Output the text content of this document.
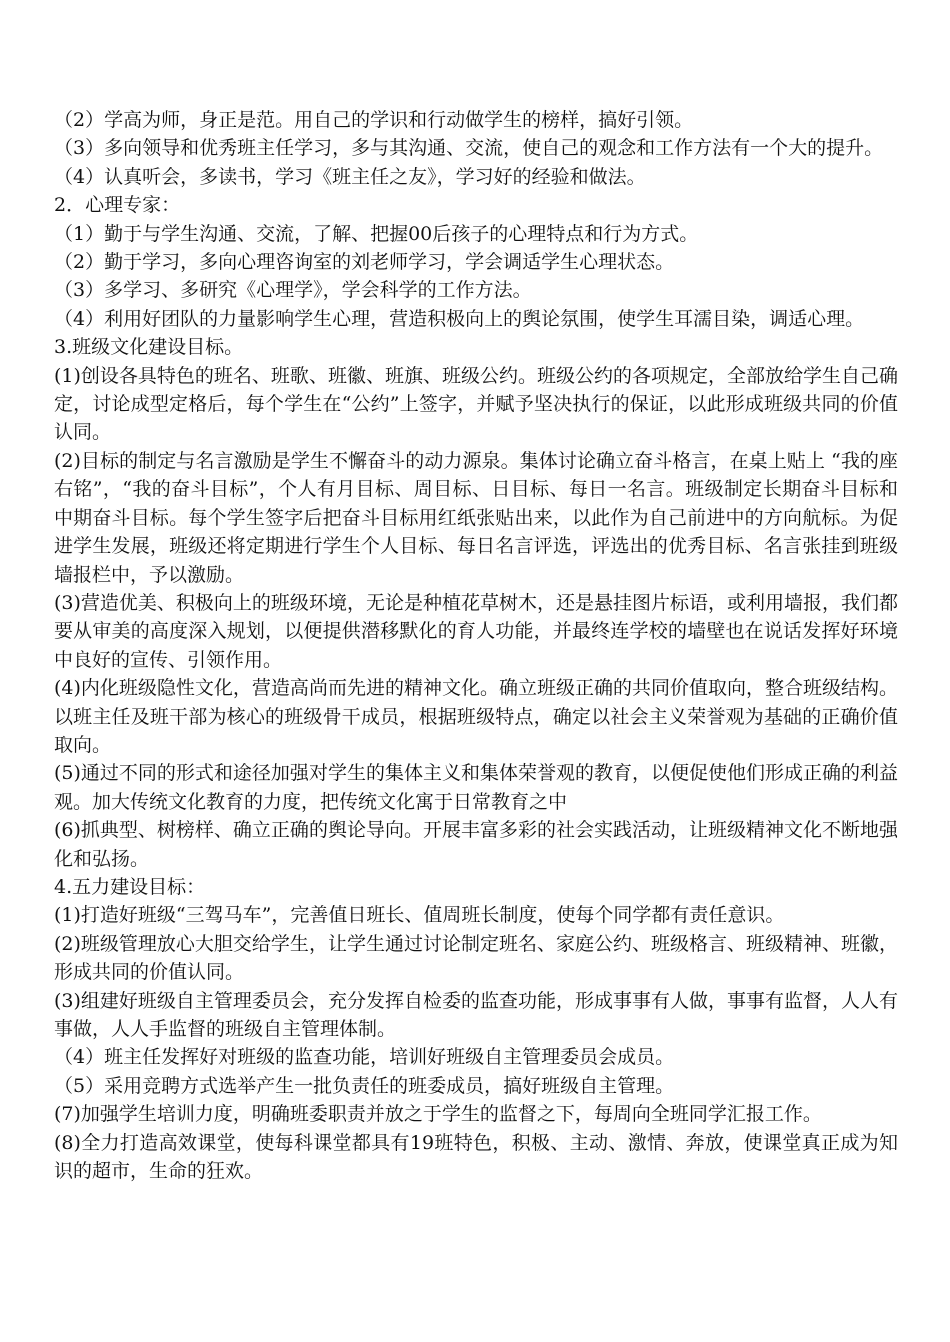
（2）学高为师，身正是范。用自己的学识和行动做学生的榜样，搞好引领。

（3）多向领导和优秀班主任学习，多与其沟通、交流，使自己的观念和工作方法有一个大的提升。

（4）认真听会，多读书，学习《班主任之友》，学习好的经验和做法。

2．心理专家：

（1）勤于与学生沟通、交流，了解、把握00后孩子的心理特点和行为方式。

（2）勤于学习，多向心理咨询室的刘老师学习，学会调适学生心理状态。

（3）多学习、多研究《心理学》，学会科学的工作方法。

（4）利用好团队的力量影响学生心理，营造积极向上的舆论氛围，使学生耳濡目染，调适心理。

3.班级文化建设目标。

(1)创设各具特色的班名、班歌、班徽、班旗、班级公约。班级公约的各项规定，全部放给学生自己确定，讨论成型定格后，每个学生在“公约”上签字，并赋予坚决执行的保证，以此形成班级共同的价值认同。

(2)目标的制定与名言激励是学生不懈奋斗的动力源泉。集体讨论确立奋斗格言，在桌上贴上 “我的座右铭”，“我的奋斗目标”，个人有月目标、周目标、日目标、每日一名言。班级制定长期奋斗目标和中期奋斗目标。每个学生签字后把奋斗目标用红纸张贴出来，以此作为自己前进中的方向航标。为促进学生发展，班级还将定期进行学生个人目标、每日名言评选，评选出的优秀目标、名言张挂到班级墙报栏中，予以激励。

(3)营造优美、积极向上的班级环境，无论是种植花草树木，还是悬挂图片标语，或利用墙报，我们都要从审美的高度深入规划，以便提供潜移默化的育人功能，并最终连学校的墙壁也在说话发挥好环境中良好的宣传、引领作用。

(4)内化班级隐性文化，营造高尚而先进的精神文化。确立班级正确的共同价值取向，整合班级结构。以班主任及班干部为核心的班级骨干成员，根据班级特点，确定以社会主义荣誉观为基础的正确价值取向。

(5)通过不同的形式和途径加强对学生的集体主义和集体荣誉观的教育，以便促使他们形成正确的利益观。加大传统文化教育的力度，把传统文化寓于日常教育之中

(6)抓典型、树榜样、确立正确的舆论导向。开展丰富多彩的社会实践活动，让班级精神文化不断地强化和弘扬。

4.五力建设目标：

(1)打造好班级“三驾马车”，完善值日班长、值周班长制度，使每个同学都有责任意识。

(2)班级管理放心大胆交给学生，让学生通过讨论制定班名、家庭公约、班级格言、班级精神、班徽，形成共同的价值认同。

(3)组建好班级自主管理委员会，充分发挥自检委的监查功能，形成事事有人做，事事有监督，人人有事做，人人手监督的班级自主管理体制。

（4）班主任发挥好对班级的监查功能，培训好班级自主管理委员会成员。

（5）采用竞聘方式选举产生一批负责任的班委成员，搞好班级自主管理。

(7)加强学生培训力度，明确班委职责并放之于学生的监督之下，每周向全班同学汇报工作。

(8)全力打造高效课堂，使每科课堂都具有19班特色，积极、主动、激情、奔放，使课堂真正成为知识的超市，生命的狂欢。
